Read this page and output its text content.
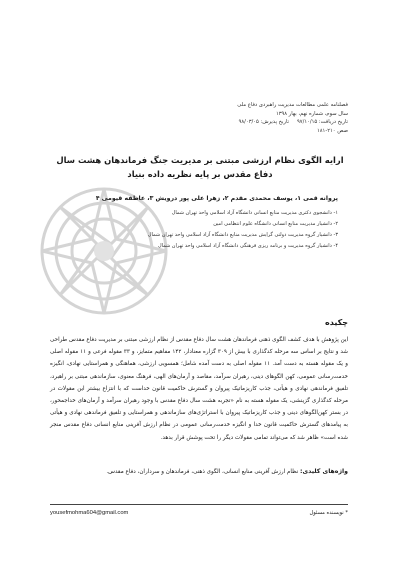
فصلنامه علمی مطالعات مدیریت راهبردی دفاع ملی
سال سوم، شماره نهم، بهار ۱۳۹۸
تاریخ دریافت: ۹۷/۱۰/۱۵
تاریخ پذیرش: ۹۸/۰۳/۰۵
صص ۲۱۰-۱۸۱
ارایه الگوی نظام ارزشی مبتنی بر مدیریت جنگ فرماندهان هشت سال دفاع مقدس بر پایه نظریه داده بنیاد
پروانه قمی ۱، یوسف محمدی مقدم ۲، زهرا علی پور درویش ۳، عاطفه قیومی ۴
۱- دانشجوی دکتری مدیریت منابع انسانی دانشگاه آزاد اسلامی واحد تهران شمال
۲- دانشیار مدیریت منابع انسانی دانشگاه علوم انتظامی امین
۳- دانشیار گروه مدیریت دولتی گرایش مدیریت منابع دانشگاه آزاد اسلامی واحد تهران شمال
۴- دانشیار گروه مدیریت و برنامه ریزی فرهنگی دانشگاه آزاد اسلامی واحد تهران شمال
چکیده
این پژوهش با هدف کشف الگوی ذهنی فرماندهان هشت سال دفاع مقدس از نظام ارزشی مبتنی بر مدیریت دفاع مقدس طراحی شد و نتایج بر اساس سه مرحله کدگذاری با بیش از ۳۰۹ گزاره معنادار، ۱۴۲ مفاهیم متمایز، و ۳۳ مقوله فرعی و ۱۱ مقوله اصلی و یک مقوله هسته به دست آمد. ۱۱ مقوله اصلی به دست آمده شامل؛ همسویی ارزشی، هماهنگی و همراستایی نهادی، انگیزه خدمت‌رسانی عمومی، کهن الگوهای دینی، رهبران سرآمد، مقاصد و آرمان‌های الهی، فرهنگ معنوی، سازماندهی مبتنی بر راهبرد، تلفیق فرماندهی نهادی و هیأتی، جذب کاریزماتیک پیروان و گسترش حاکمیت قانون خداست که با انتزاع بیشتر این مقولات در مرحله کدگذاری گزینشی، یک مقوله هسته به نام «تجربه هشت سال دفاع مقدس با وجود رهبران سرآمد و آرمان‌های خداجمحور، در بستر کهن‌الگوهای دینی و جذب کاریزماتیک پیروان با استراتژی‌های سازماندهی و همراستایی و تلفیق فرماندهی نهادی و هیأتی به پیامدهای گسترش حاکمیت قانون خدا و انگیزه خدمت‌رسانی عمومی در نظام ارزش آفرینی منابع انسانی دفاع مقدس منجر شده است» ظاهر شد که می‌تواند تمامی مقولات دیگر را تحت پوشش قرار بدهد.
واژه‌های کلیدی: نظام ارزش آفرینی منابع انسانی، الگوی ذهنی، فرماندهان و سرداران، دفاع مقدس.
yousefmohma604@gmail.com	* نویسنده مسئول
